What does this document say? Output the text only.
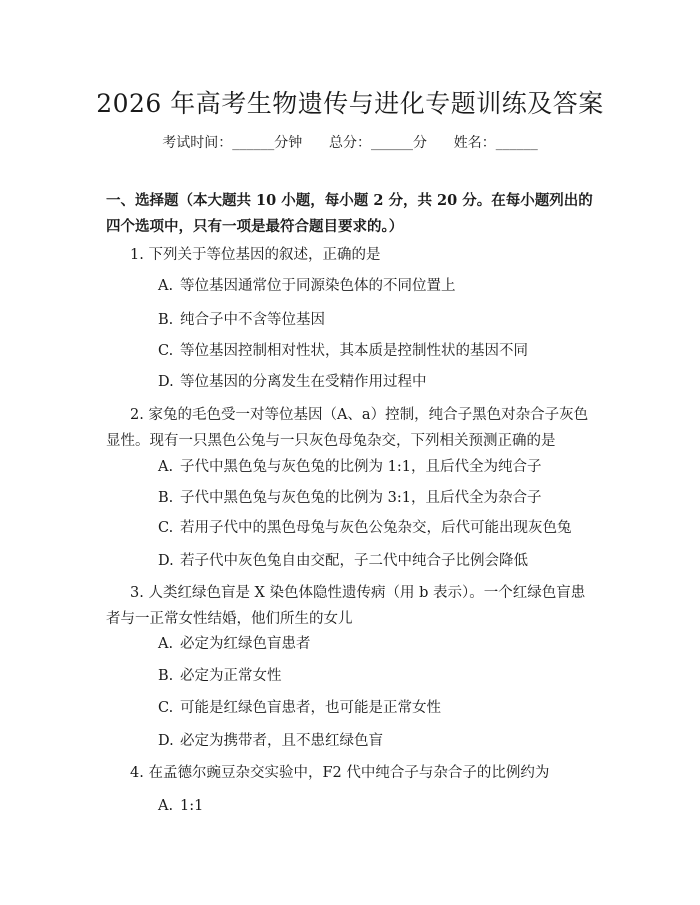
2026 年高考生物遗传与进化专题训练及答案
考试时间：______分钟 总分：______分 姓名：______

一、选择题（本大题共 10 小题，每小题 2 分，共 20 分。在每小题列出的四个选项中，只有一项是最符合题目要求的。）

1. 下列关于等位基因的叙述，正确的是

A. 等位基因通常位于同源染色体的不同位置上

B. 纯合子中不含等位基因

C. 等位基因控制相对性状，其本质是控制性状的基因不同

D. 等位基因的分离发生在受精作用过程中

2. 家兔的毛色受一对等位基因（A、a）控制，纯合子黑色对杂合子灰色显性。现有一只黑色公兔与一只灰色母兔杂交，下列相关预测正确的是

A. 子代中黑色兔与灰色兔的比例为 1:1，且后代全为纯合子

B. 子代中黑色兔与灰色兔的比例为 3:1，且后代全为杂合子

C. 若用子代中的黑色母兔与灰色公兔杂交，后代可能出现灰色兔

D. 若子代中灰色兔自由交配，子二代中纯合子比例会降低

3. 人类红绿色盲是 X 染色体隐性遗传病（用 b 表示）。一个红绿色盲患者与一正常女性结婚，他们所生的女儿

A. 必定为红绿色盲患者

B. 必定为正常女性

C. 可能是红绿色盲患者，也可能是正常女性

D. 必定为携带者，且不患红绿色盲

4. 在孟德尔豌豆杂交实验中，F2 代中纯合子与杂合子的比例约为

A. 1:1
